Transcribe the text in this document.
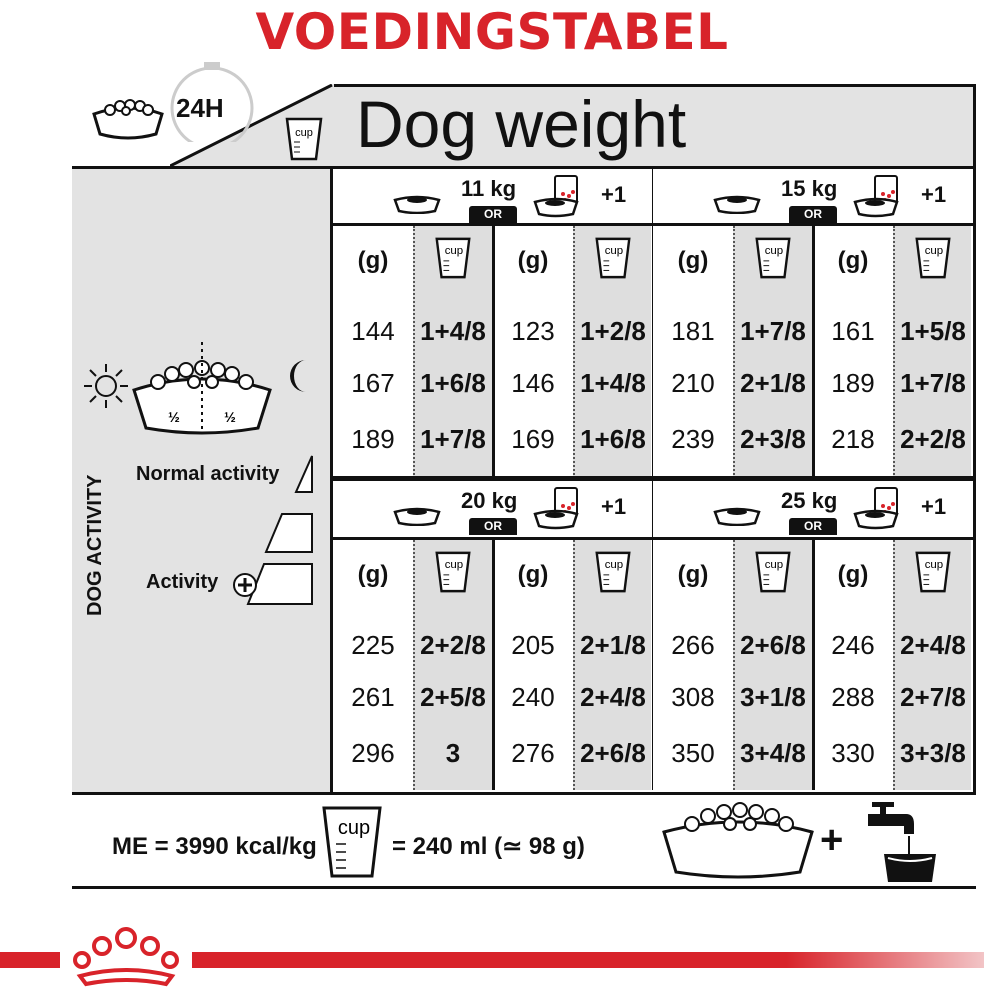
VOEDINGSTABEL
Dog weight
24H
cup
½	½
DOG ACTIVITY
Normal activity
Activity
11 kg
OR
+1
(g)	cup	(g)	cup
144 1+4/8 123 1+2/8
167 1+6/8 146 1+4/8
189 1+7/8 169 1+6/8
15 kg
OR
+1
(g)	cup	(g)	cup
181 1+7/8 161 1+5/8
210 2+1/8 189 1+7/8
239 2+3/8 218 2+2/8
20 kg
OR
+1
(g)	cup	(g)	cup
225 2+2/8 205 2+1/8
261 2+5/8 240 2+4/8
296	3	276 2+6/8
25 kg
OR
+1
(g)	cup	(g)	cup
266 2+6/8 246 2+4/8
308 3+1/8 288 2+7/8
350 3+4/8 330 3+3/8
ME = 3990 kcal/kg
cup
= 240 ml (≃ 98 g)	+
